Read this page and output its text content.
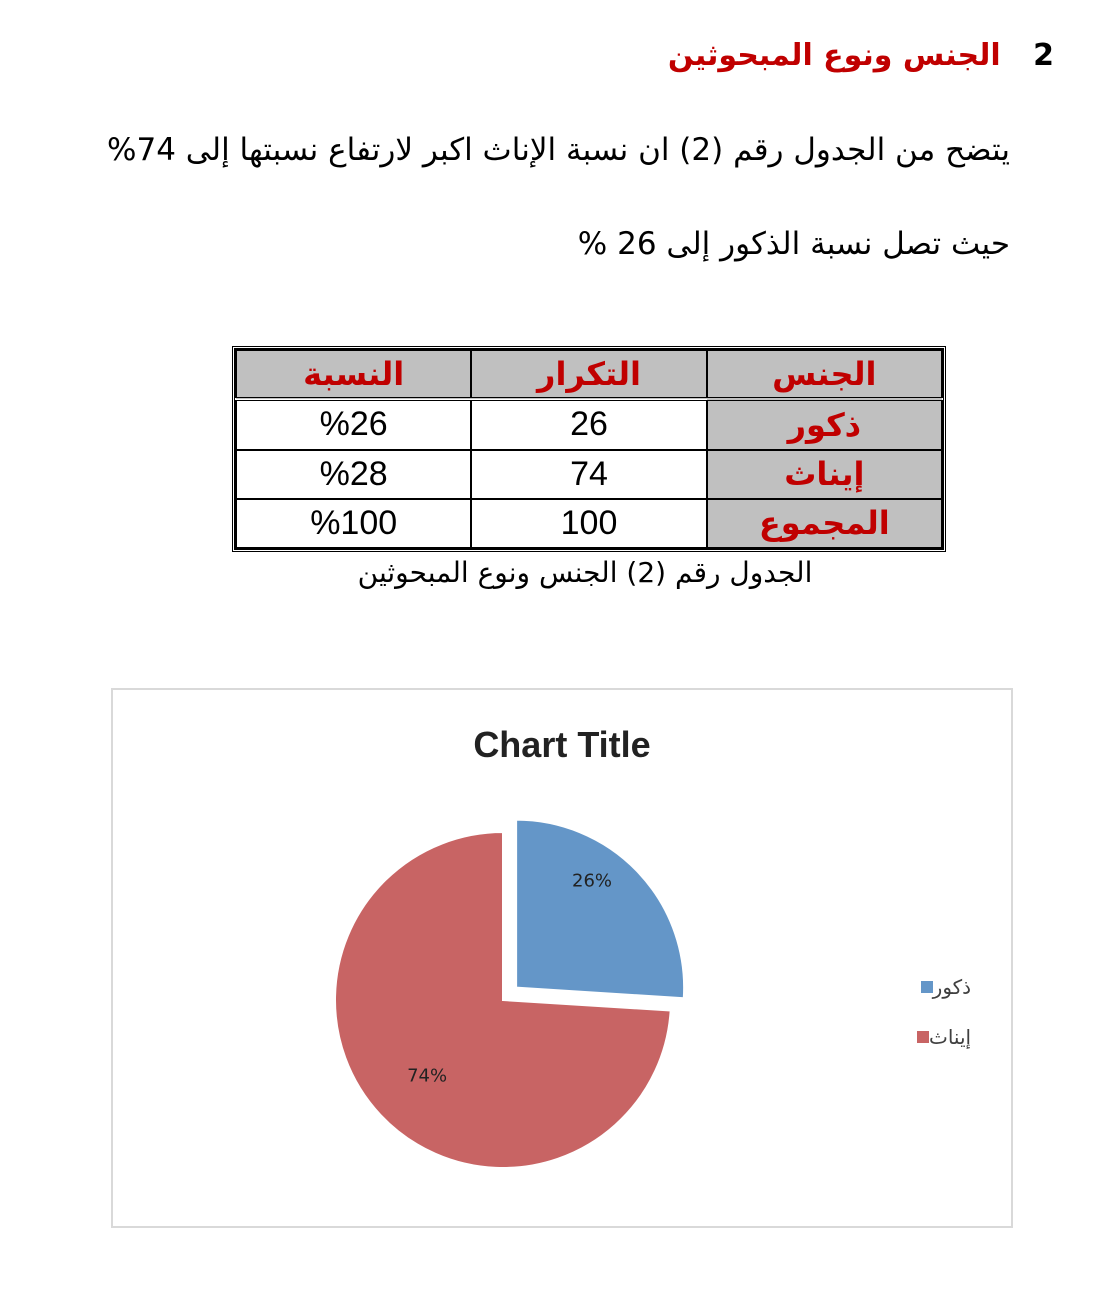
2 الجنس ونوع المبحوثين
يتضح من الجدول رقم (2) ان نسبة الإناث اكبر لارتفاع نسبتها إلى 74%
حيث تصل نسبة الذكور إلى 26 %
الجنس	التكرار	النسبة
ذكور	26	%26
إيناث	74	%28
المجموع	100	%100
الجدول رقم (2) الجنس ونوع المبحوثين
Chart Title
26%
74%
ذكور
إيناث
